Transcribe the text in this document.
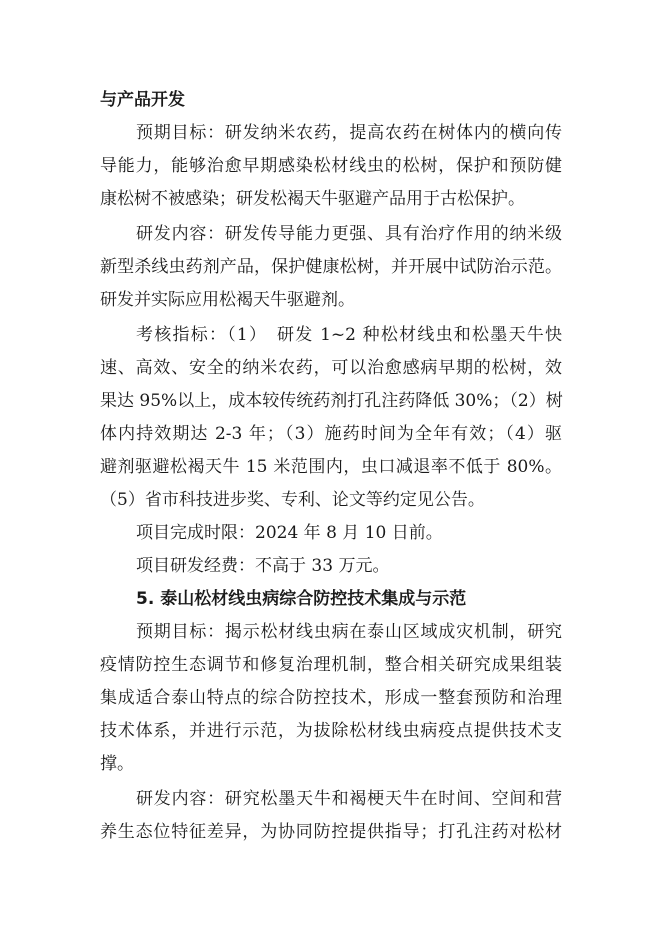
与产品开发
预期目标：研发纳米农药，提高农药在树体内的横向传
导能力，能够治愈早期感染松材线虫的松树，保护和预防健
康松树不被感染；研发松褐天牛驱避产品用于古松保护。
研发内容：研发传导能力更强、具有治疗作用的纳米级
新型杀线虫药剂产品，保护健康松树，并开展中试防治示范。
研发并实际应用松褐天牛驱避剂。
考核指标：（1）　研发 1~2 种松材线虫和松墨天牛快
速、高效、安全的纳米农药，可以治愈感病早期的松树，效
果达 95%以上，成本较传统药剂打孔注药降低 30%；（2）树
体内持效期达 2-3 年；（3）施药时间为全年有效；（4）驱
避剂驱避松褐天牛 15 米范围内，虫口减退率不低于 80%。
（5）省市科技进步奖、专利、论文等约定见公告。
项目完成时限：2024 年 8 月 10 日前。
项目研发经费：不高于 33 万元。
5. 泰山松材线虫病综合防控技术集成与示范
预期目标：揭示松材线虫病在泰山区域成灾机制，研究
疫情防控生态调节和修复治理机制，整合相关研究成果组装
集成适合泰山特点的综合防控技术，形成一整套预防和治理
技术体系，并进行示范，为拔除松材线虫病疫点提供技术支
撑。
研发内容：研究松墨天牛和褐梗天牛在时间、空间和营
养生态位特征差异，为协同防控提供指导；打孔注药对松材
